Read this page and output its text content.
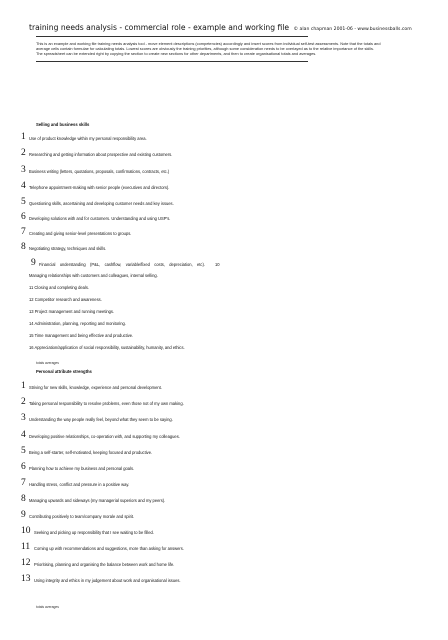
training needs analysis - commercial role - example and working file © alan chapman 2001-06 - www.businessballs.com

This is an example and working file training needs analysis tool - move element descriptions (competencies) accordingly and insert scores from individual self-test assessments. Note that the totals and

average cells contain formulae for calculating totals. Lowest scores are obviously the training priorities, although some consideration needs to be overlayed as to the relative importance of the skills.

The spreadsheet can be extended right by copying the section to create new sections for other departments, and then to create organisational totals and averages.

Selling and business skills
1 Use of product knowledge within my personal responsibility area.
2 Researching and getting information about prospective and existing customers.
3 Business writing (letters, quotations, proposals, confirmations, contracts, etc.)
4 Telephone appointment-making with senior people (executives and directors).
5 Questioning skills, ascertaining and developing customer needs and key issues.
6 Developing solutions with and for customers. Understanding and using USP's.
7 Creating and giving senior-level presentations to groups.
8 Negotiating strategy, techniques and skills.
9 Financial understanding (P&L, cashflow, variable/fixed costs, depreciation, etc). 10
Managing relationships with customers and colleagues, internal selling.
11 Closing and completing deals.
12 Competitor research and awareness.
13 Project management and running meetings.
14 Administration, planning, reporting and monitoring.
15 Time management and being effective and productive.
16 Appreciation/application of social responsibility, sustainability, humanity, and ethics.
totals averages
Personal attribute strengths
1 Striving for new skills, knowledge, experience and personal development.
2 Taking personal responsibility to resolve problems, even those not of my own making.
3 Understanding the way people really feel, beyond what they seem to be saying.
4 Developing positive relationships, co-operation with, and supporting my colleagues.
5 Being a self-starter, self-motivated, keeping focused and productive.
6 Planning how to achieve my business and personal goals.
7 Handling stress, conflict and pressure in a positive way.
8 Managing upwards and sideways (my managerial superiors and my peers).
9 Contributing positively to team/company morale and spirit.
10 Seeking and picking up responsibility that I see waiting to be filled.
11 Coming up with recommendations and suggestions, more than asking for answers.
12 Prioritising, planning and organising the balance between work and home life.
13 Using integrity and ethics in my judgement about work and organisational issues.
totals averages
